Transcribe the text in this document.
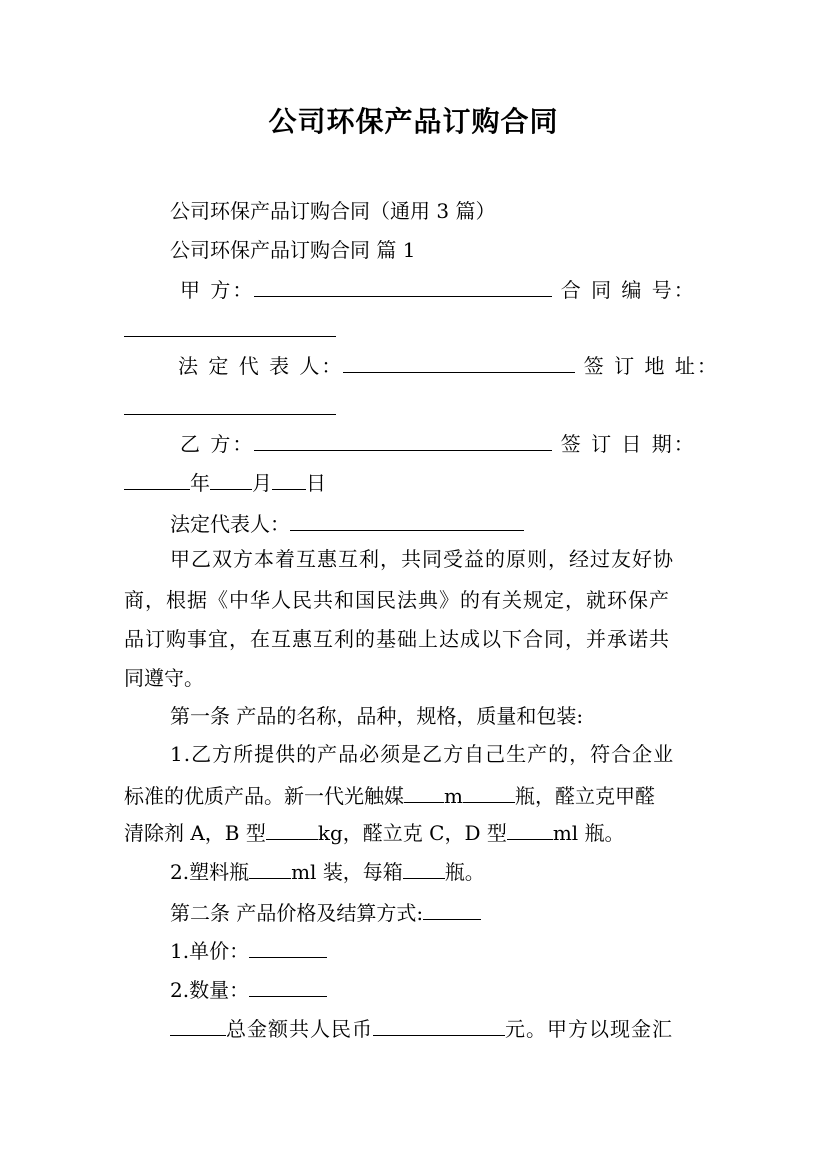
公司环保产品订购合同
公司环保产品订购合同（通用 3 篇）
公司环保产品订购合同 篇 1
甲 方：	合 同 编 号：
法 定 代 表 人：	签 订 地 址：
乙 方：	签 订 日 期：
年 月 日
法定代表人：
甲乙双方本着互惠互利，共同受益的原则，经过友好协
商，根据《中华人民共和国民法典》的有关规定，就环保产
品订购事宜，在互惠互利的基础上达成以下合同，并承诺共
同遵守。
第一条 产品的名称，品种，规格，质量和包装:
1.乙方所提供的产品必须是乙方自己生产的，符合企业
标准的优质产品。新一代光触媒 m	瓶，醛立克甲醛
清除剂 A，B 型	kg，醛立克 C，D 型 ml 瓶。
2.塑料瓶 ml 装，每箱 瓶。
第二条 产品价格及结算方式:
1.单价：
2.数量：
总金额共人民币	元。甲方以现金汇
